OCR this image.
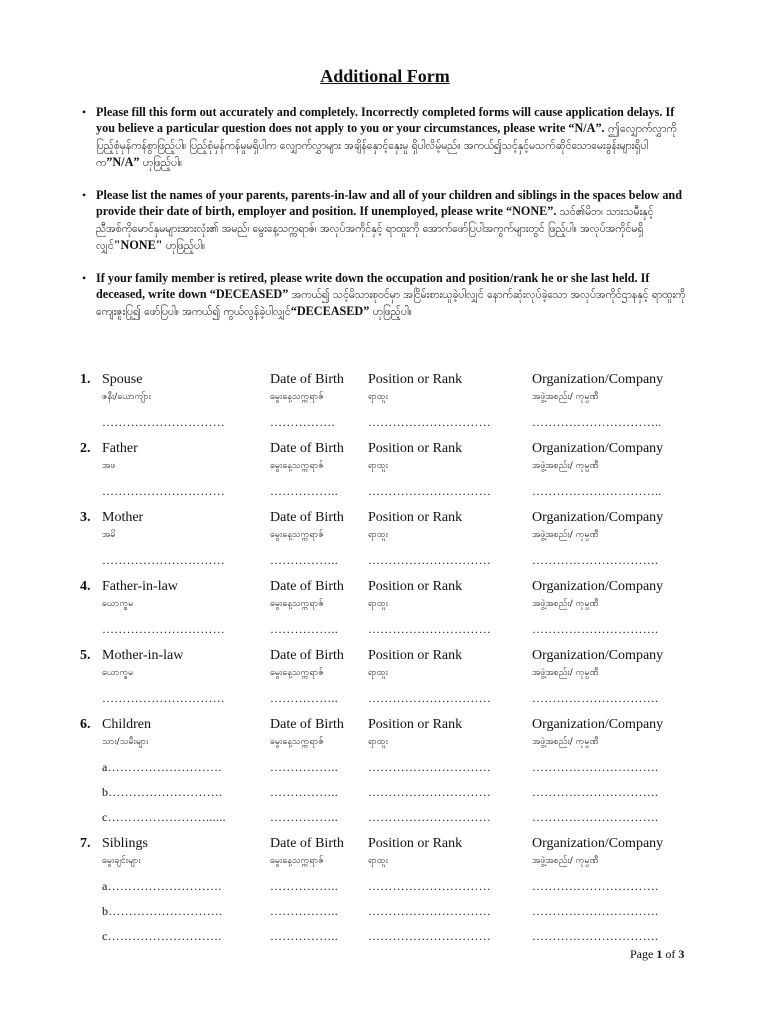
Additional Form
• Please fill this form out accurately and completely. Incorrectly completed forms will cause application delays. If you believe a particular question does not apply to you or your circumstances, please write “N/A”. ဤလျှောက်လွှာကို ပြည့်စုံမှန်ကန်စွာဖြည့်ပါ။ ပြည့်စုံမှန်ကန်မှုမရှိပါက လျှောက်လွှာများ အချိန်နှောင့်နှေးမှု ရှိပါလိမ့်မည်။ အကယ်၍သင့်နှင့်မသက်ဆိုင်သောမေးခွန်းများရှိပါက”N/A” ဟုဖြည့်ပါ။
• Please list the names of your parents, parents-in-law and all of your children and siblings in the spaces below and provide their date of birth, employer and position. If unemployed, please write “NONE”. သင်၏မိဘ၊ သားသမီးနှင့် ညီအစ်ကိုမောင်နှမများအားလုံး၏ အမည်၊ မွေးနေ့သက္ကရာဇ်၊ အလုပ်အကိုင်နှင့် ရာထူးကို အောက်ဖော်ပြပါအကွက်များတွင် ဖြည့်ပါ။ အလုပ်အကိုင်မရှိလျှင်"NONE" ဟုဖြည့်ပါ။
• If your family member is retired, please write down the occupation and position/rank he or she last held. If deceased, write down “DECEASED” အကယ်၍ သင့်မိသားစုဝင်မှာ အငြိမ်းစားယူခဲ့ပါလျှင် နောက်ဆုံးလုပ်ခဲ့သော အလုပ်အကိုင်ဌာနနှင့် ရာထူးကို ကျေးဇူးပြု၍ ဖော်ပြပါ။ အကယ်၍ ကွယ်လွန်ခဲ့ပါလျှင်“DECEASED” ဟုဖြည့်ပါ။
1. Spouse	Date of Birth	Position or Rank	Organization/Company
ဇနီး/ယောကျ်ား	မွေးနေ့သက္ကရာဇ်	ရာထူး	အဖွဲ့အစည်း/ ကုမ္ပဏီ
…………………………	…………….	…………………………	…………………………..
2. Father	Date of Birth	Position or Rank	Organization/Company
အဖ	မွေးနေ့သက္ကရာဇ်	ရာထူး	အဖွဲ့အစည်း/ ကုမ္ပဏီ
…………………………	……………..	…………………………	…………………………..
3. Mother	Date of Birth	Position or Rank	Organization/Company
အမိ	မွေးနေ့သက္ကရာဇ်	ရာထူး	အဖွဲ့အစည်း/ ကုမ္ပဏီ
…………………………	……………..	…………………………	………………………….
4. Father-in-law	Date of Birth	Position or Rank	Organization/Company
ယောက္ခမ	မွေးနေ့သက္ကရာဇ်	ရာထူး	အဖွဲ့အစည်း/ ကုမ္ပဏီ
…………………………	……………..	…………………………	………………………….
5. Mother-in-law	Date of Birth	Position or Rank	Organization/Company
ယောက္ခမ	မွေးနေ့သက္ကရာဇ်	ရာထူး	အဖွဲ့အစည်း/ ကုမ္ပဏီ
…………………………	……………..	…………………………	………………………….
6. Children	Date of Birth	Position or Rank	Organization/Company
သား/သမီးများ	မွေးနေ့သက္ကရာဇ်	ရာထူး	အဖွဲ့အစည်း/ ကုမ္ပဏီ
a……………………….	……………..	…………………………	………………………….
b……………………….	……………..	…………………………	………………………….
c……………………......	……………..	…………………………	………………………….
7. Siblings	Date of Birth	Position or Rank	Organization/Company
မွေးချင်းများ	မွေးနေ့သက္ကရာဇ်	ရာထူး	အဖွဲ့အစည်း/ ကုမ္ပဏီ
a……………………….	……………..	…………………………	………………………….
b……………………….	……………..	…………………………	………………………….
c……………………….	……………..	…………………………	………………………….
Page 1 of 3
